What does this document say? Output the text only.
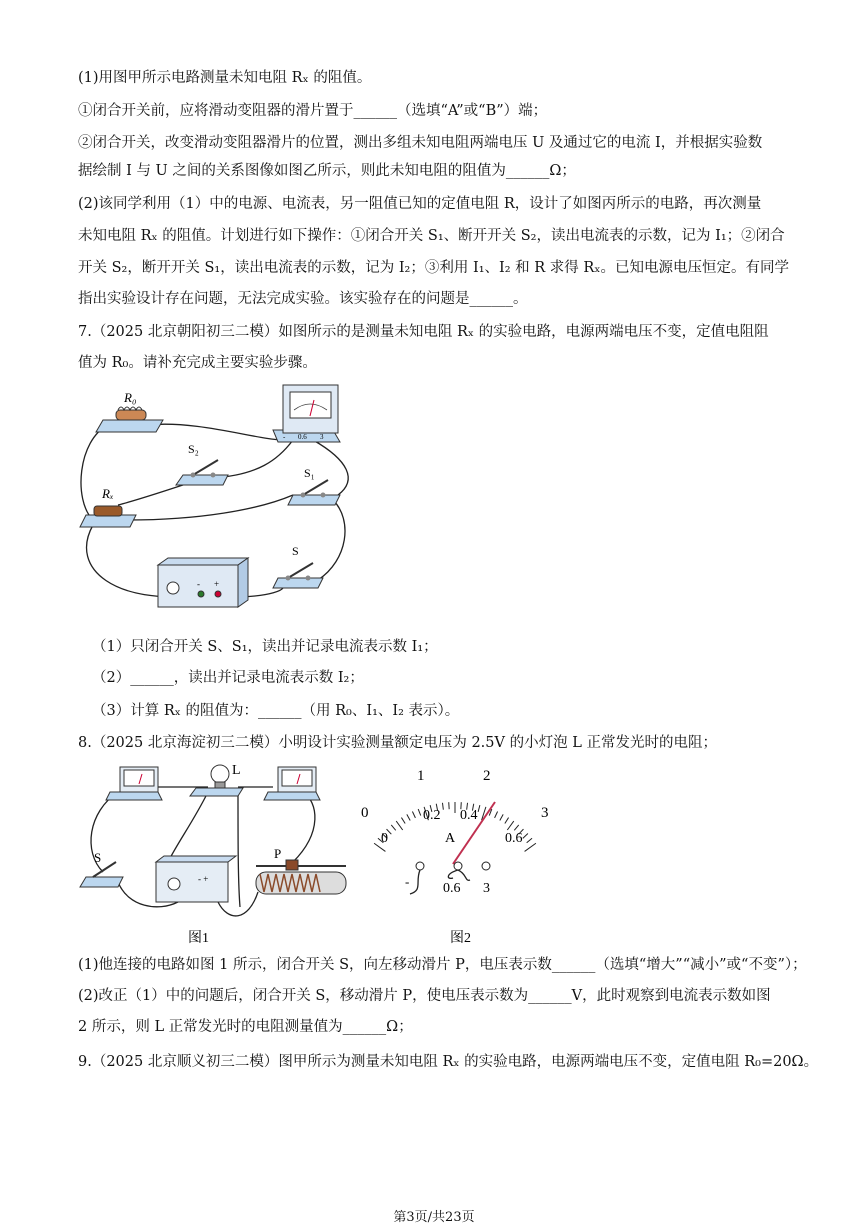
(1)用图甲所示电路测量未知电阻 Rₓ 的阻值。
①闭合开关前，应将滑动变阻器的滑片置于______（选填“A”或“B”）端；
②闭合开关，改变滑动变阻器滑片的位置，测出多组未知电阻两端电压 U 及通过它的电流 I，并根据实验数
据绘制 I 与 U 之间的关系图像如图乙所示，则此未知电阻的阻值为______Ω；
(2)该同学利用（1）中的电源、电流表，另一阻值已知的定值电阻 R，设计了如图丙所示的电路，再次测量
未知电阻 Rₓ 的阻值。计划进行如下操作：①闭合开关 S₁、断开开关 S₂，读出电流表的示数，记为 I₁；②闭合
开关 S₂，断开开关 S₁，读出电流表的示数，记为 I₂；③利用 I₁、I₂ 和 R 求得 Rₓ。已知电源电压恒定。有同学
指出实验设计存在问题，无法完成实验。该实验存在的问题是______。
7.（2025 北京朝阳初三二模）如图所示的是测量未知电阻 Rₓ 的实验电路，电源两端电压不变，定值电阻阻
值为 R₀。请补充完成主要实验步骤。
R₀
- 0.6 3
S₂
S₁
Rₓ
- +
S
（1）只闭合开关 S、S₁，读出并记录电流表示数 I₁；
（2）______，读出并记录电流表示数 I₂；
（3）计算 Rₓ 的阻值为：______（用 R₀、I₁、I₂ 表示）。
8.（2025 北京海淀初三二模）小明设计实验测量额定电压为 2.5V 的小灯泡 L 正常发光时的电阻；
L
S
- +
P
图1
0
1	2
3
0
0.2 0.4
0.6
A
- 0.6 3
图2
(1)他连接的电路如图 1 所示，闭合开关 S，向左移动滑片 P，电压表示数______（选填“增大”“减小”或“不变”）；
(2)改正（1）中的问题后，闭合开关 S，移动滑片 P，使电压表示数为______V，此时观察到电流表示数如图
2 所示，则 L 正常发光时的电阻测量值为______Ω；
9.（2025 北京顺义初三二模）图甲所示为测量未知电阻 Rₓ 的实验电路，电源两端电压不变，定值电阻 R₀=20Ω。
第3页/共23页
